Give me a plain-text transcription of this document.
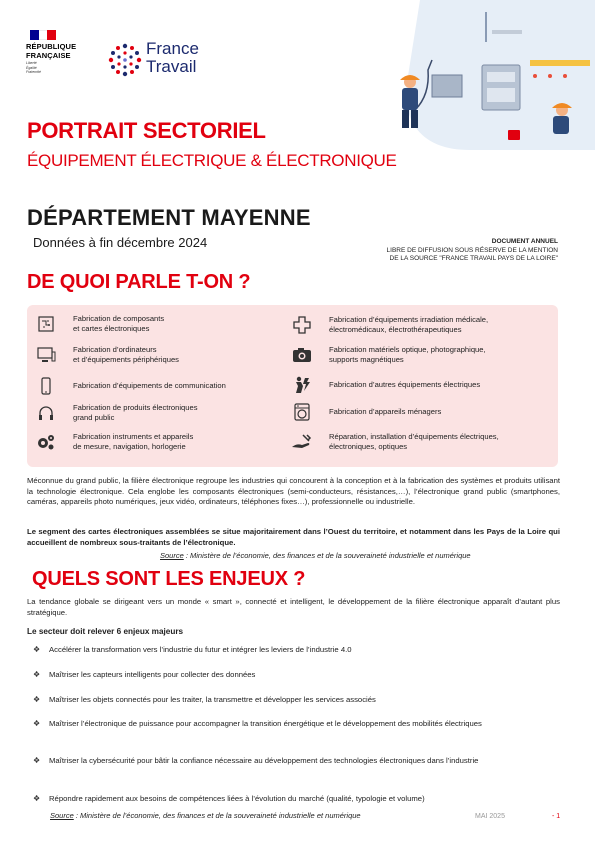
RÉPUBLIQUE
FRANÇAISE
Liberté
Égalité
Fraternité
France
Travail
PORTRAIT SECTORIEL
ÉQUIPEMENT ÉLECTRIQUE & ÉLECTRONIQUE
DÉPARTEMENT MAYENNE
Données à fin décembre 2024	DOCUMENT ANNUEL
LIBRE DE DIFFUSION SOUS RÉSERVE DE LA MENTION
DE LA SOURCE "FRANCE TRAVAIL PAYS DE LA LOIRE"
DE QUOI PARLE T-ON ?
Fabrication de composants
et cartes électroniques
Fabrication d’ordinateurs
et d’équipements périphériques
Fabrication d’équipements de communication
Fabrication de produits électroniques
grand public
Fabrication instruments et appareils
de mesure, navigation, horlogerie
Fabrication d’équipements irradiation médicale,
électromédicaux, électrothérapeutiques
Fabrication matériels optique, photographique,
supports magnétiques
Fabrication d’autres équipements électriques
Fabrication d’appareils ménagers
Réparation, installation d’équipements électriques,
électroniques, optiques
Méconnue du grand public, la filière électronique regroupe les industries qui concourent à la conception et à la fabrication des systèmes et produits utilisant la technologie électronique. Cela englobe les composants électroniques (semi-conducteurs, résistances,…), l’électronique grand public (smartphones, caméras, appareils photo numériques, jeux vidéo, ordinateurs, téléphones fixes…), professionnelle ou industrielle.
Le segment des cartes électroniques assemblées se situe majoritairement dans l’Ouest du territoire, et notamment dans les Pays de la Loire qui accueillent de nombreux sous-traitants de l’électronique.
Source : Ministère de l’économie, des finances et de la souveraineté industrielle et numérique
QUELS SONT LES ENJEUX ?
La tendance globale se dirigeant vers un monde « smart », connecté et intelligent, le développement de la filière électronique apparaît d’autant plus stratégique.
Le secteur doit relever 6 enjeux majeurs
❖	Accélérer la transformation vers l’industrie du futur et intégrer les leviers de l’industrie 4.0
❖	Maîtriser les capteurs intelligents pour collecter des données
❖	Maîtriser les objets connectés pour les traiter, la transmettre et développer les services associés
❖	Maîtriser l’électronique de puissance pour accompagner la transition énergétique et le développement des mobilités électriques
❖	Maîtriser la cybersécurité pour bâtir la confiance nécessaire au développement des technologies électroniques dans l’industrie
❖	Répondre rapidement aux besoins de compétences liées à l’évolution du marché (qualité, typologie et volume)
Source : Ministère de l’économie, des finances et de la souveraineté industrielle et numérique	MAI 2025	- 1
